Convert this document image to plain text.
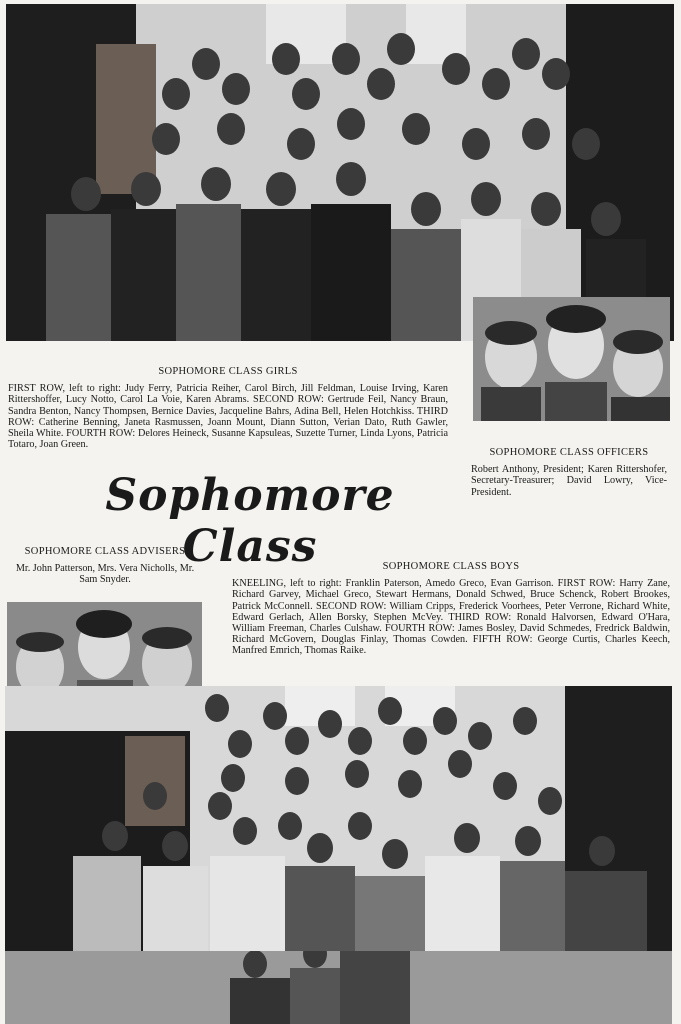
SOPHOMORE CLASS GIRLS
FIRST ROW, left to right: Judy Ferry, Patricia Reiher, Carol Birch, Jill Feldman, Louise Irving, Karen Rittershoffer, Lucy Notto, Carol La Voie, Karen Abrams. SECOND ROW: Gertrude Feil, Nancy Braun, Sandra Benton, Nancy Thompsen, Bernice Davies, Jacqueline Bahrs, Adina Bell, Helen Hotchkiss. THIRD ROW: Catherine Benning, Janeta Rasmussen, Joann Mount, Diann Sutton, Verian Dato, Ruth Gawler, Sheila White. FOURTH ROW: Delores Heineck, Susanne Kapsuleas, Suzette Turner, Linda Lyons, Patricia Totaro, Joan Green.
SOPHOMORE CLASS OFFICERS
Robert Anthony, President; Karen Rittershofer, Secretary-Treasurer; David Lowry, Vice-President.
Sophomore Class
SOPHOMORE CLASS ADVISERS
Mr. John Patterson, Mrs. Vera Nicholls, Mr. Sam Snyder.
SOPHOMORE CLASS BOYS
KNEELING, left to right: Franklin Paterson, Amedo Greco, Evan Garrison. FIRST ROW: Harry Zane, Richard Garvey, Michael Greco, Stewart Hermans, Donald Schwed, Bruce Schenck, Robert Brookes, Patrick McConnell. SECOND ROW: William Cripps, Frederick Voorhees, Peter Verrone, Richard White, Edward Gerlach, Allen Borsky, Stephen McVey. THIRD ROW: Ronald Halvorsen, Edward O'Hara, William Freeman, Charles Culshaw. FOURTH ROW: James Bosley, David Schmedes, Fredrick Baldwin, Richard McGovern, Douglas Finlay, Thomas Cowden. FIFTH ROW: George Curtis, Charles Keech, Manfred Emrich, Thomas Raike.
